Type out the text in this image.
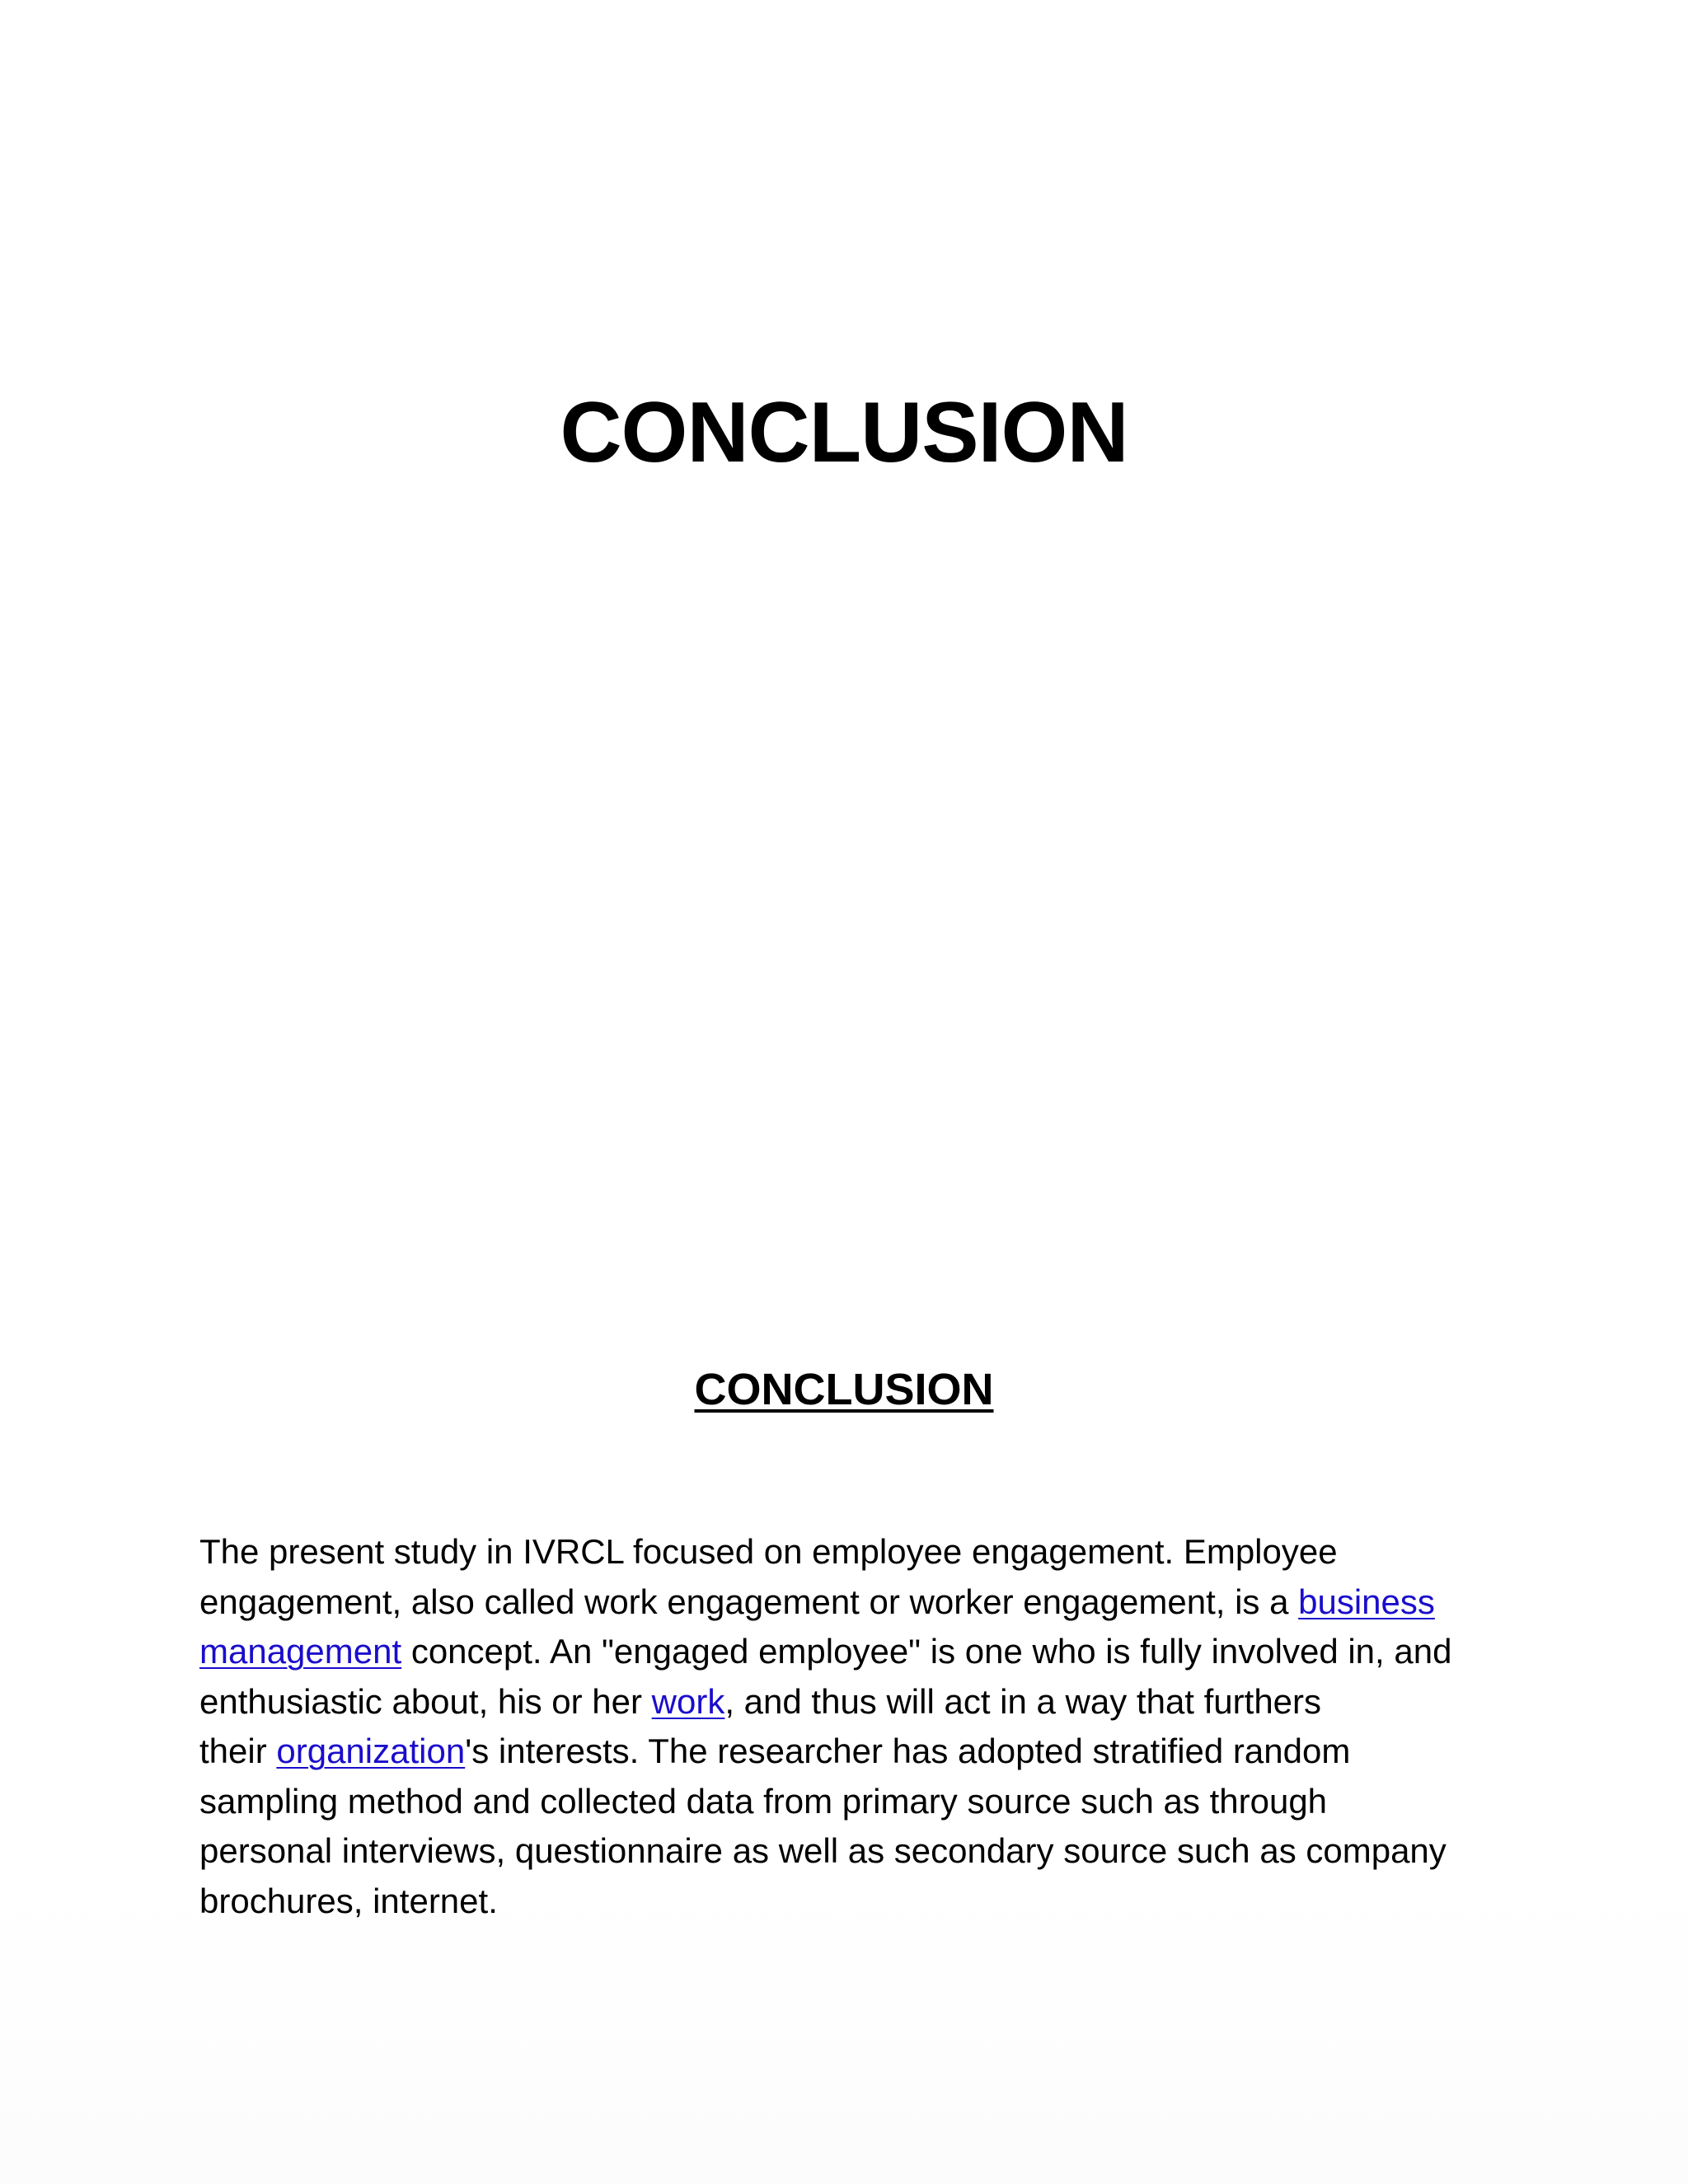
CONCLUSION
CONCLUSION
The present study in IVRCL focused on employee engagement. Employee
engagement, also called work engagement or worker engagement, is a business
management concept. An "engaged employee" is one who is fully involved in, and
enthusiastic about, his or her work, and thus will act in a way that furthers
their organization's interests. The researcher has adopted stratified random
sampling method and collected data from primary source such as through
personal interviews, questionnaire as well as secondary source such as company
brochures, internet.
